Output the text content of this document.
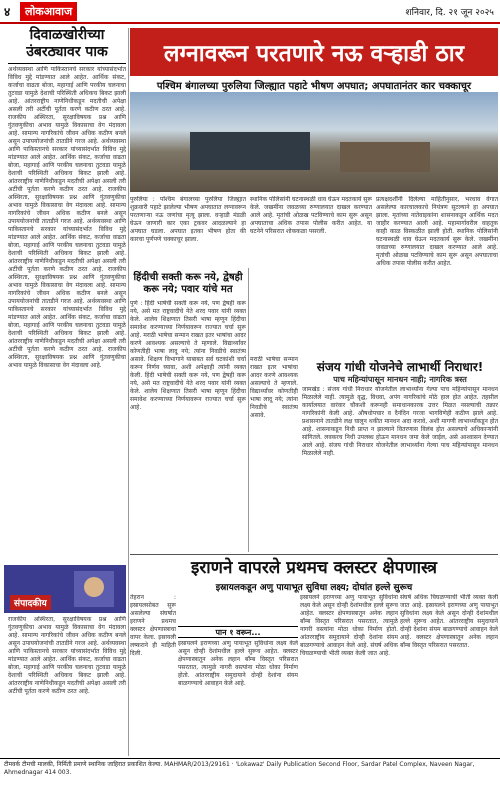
४	लोकआवाज	शनिवार, दि. २१ जून २०२५
दिवाळखोरीच्या उंबरठ्यावर पाक
अर्थव्यवस्था आणि पाकिस्तानचे सरकार यांच्यासंदर्भात विविध मुद्दे मांडण्यात आले आहेत. आर्थिक संकट, कर्जाचा वाढता बोजा, महागाई आणि परकीय चलनाचा तुटवडा यामुळे देशाची परिस्थिती अधिकच बिकट झाली आहे. आंतरराष्ट्रीय नाणेनिधीकडून मदतीची अपेक्षा असली तरी अटींची पूर्तता करणे कठीण ठरत आहे. राजकीय अस्थिरता, सुरक्षाविषयक प्रश्न आणि गुंतवणुकीचा अभाव यामुळे विकासाचा वेग मंदावला आहे. सामान्य नागरिकांचे जीवन अधिक कठीण बनले असून उपाययोजनांची तातडीने गरज आहे. अर्थव्यवस्था आणि पाकिस्तानचे सरकार यांच्यासंदर्भात विविध मुद्दे मांडण्यात आले आहेत. आर्थिक संकट, कर्जाचा वाढता बोजा, महागाई आणि परकीय चलनाचा तुटवडा यामुळे देशाची परिस्थिती अधिकच बिकट झाली आहे. आंतरराष्ट्रीय नाणेनिधीकडून मदतीची अपेक्षा असली तरी अटींची पूर्तता करणे कठीण ठरत आहे. राजकीय अस्थिरता, सुरक्षाविषयक प्रश्न आणि गुंतवणुकीचा अभाव यामुळे विकासाचा वेग मंदावला आहे. सामान्य नागरिकांचे जीवन अधिक कठीण बनले असून उपाययोजनांची तातडीने गरज आहे. अर्थव्यवस्था आणि पाकिस्तानचे सरकार यांच्यासंदर्भात विविध मुद्दे मांडण्यात आले आहेत. आर्थिक संकट, कर्जाचा वाढता बोजा, महागाई आणि परकीय चलनाचा तुटवडा यामुळे देशाची परिस्थिती अधिकच बिकट झाली आहे. आंतरराष्ट्रीय नाणेनिधीकडून मदतीची अपेक्षा असली तरी अटींची पूर्तता करणे कठीण ठरत आहे. राजकीय अस्थिरता, सुरक्षाविषयक प्रश्न आणि गुंतवणुकीचा अभाव यामुळे विकासाचा वेग मंदावला आहे. सामान्य नागरिकांचे जीवन अधिक कठीण बनले असून उपाययोजनांची तातडीने गरज आहे. अर्थव्यवस्था आणि पाकिस्तानचे सरकार यांच्यासंदर्भात विविध मुद्दे मांडण्यात आले आहेत. आर्थिक संकट, कर्जाचा वाढता बोजा, महागाई आणि परकीय चलनाचा तुटवडा यामुळे देशाची परिस्थिती अधिकच बिकट झाली आहे. आंतरराष्ट्रीय नाणेनिधीकडून मदतीची अपेक्षा असली तरी अटींची पूर्तता करणे कठीण ठरत आहे. राजकीय अस्थिरता, सुरक्षाविषयक प्रश्न आणि गुंतवणुकीचा अभाव यामुळे विकासाचा वेग मंदावला आहे.
संपादकीय
राजकीय अस्थिरता, सुरक्षाविषयक प्रश्न आणि गुंतवणुकीचा अभाव यामुळे विकासाचा वेग मंदावला आहे. सामान्य नागरिकांचे जीवन अधिक कठीण बनले असून उपाययोजनांची तातडीने गरज आहे. अर्थव्यवस्था आणि पाकिस्तानचे सरकार यांच्यासंदर्भात विविध मुद्दे मांडण्यात आले आहेत. आर्थिक संकट, कर्जाचा वाढता बोजा, महागाई आणि परकीय चलनाचा तुटवडा यामुळे देशाची परिस्थिती अधिकच बिकट झाली आहे. आंतरराष्ट्रीय नाणेनिधीकडून मदतीची अपेक्षा असली तरी अटींची पूर्तता करणे कठीण ठरत आहे.
लग्नावरून परतणारे नऊ वऱ्हाडी ठार
पश्चिम बंगालच्या पुरुलिया जिल्ह्यात पहाटे भीषण अपघात; अपघातानंतर कार चक्काचूर
पुरुलिया : पश्चिम बंगालच्या पुरुलिया जिल्ह्यात शुक्रवारी पहाटे झालेल्या भीषण अपघातात लग्नावरून परतणाऱ्या नऊ जणांचा मृत्यू झाला. वऱ्हाडी मंडळी घेऊन जाणारी कार एका ट्रकवर आदळल्याने हा अपघात घडला. अपघात इतका भीषण होता की कारचा पूर्णपणे चक्काचूर झाला.
स्थानिक पोलिसांनी घटनास्थळी धाव घेऊन मदतकार्य सुरू केले. जखमींना जवळच्या रुग्णालयात दाखल करण्यात आले आहे. मृतांची ओळख पटविण्याचे काम सुरू असून अपघाताचा अधिक तपास पोलीस करीत आहेत. या घटनेने परिसरात शोककळा पसरली.
प्रत्यक्षदर्शींनी दिलेल्या माहितीनुसार, भरधाव वेगात असलेल्या कारचालकाचे नियंत्रण सुटल्याने हा अपघात झाला. मृतांच्या नातेवाइकांना शासनाकडून आर्थिक मदत जाहीर करण्यात आली आहे. महामार्गावरील वाहतूक काही काळ विस्कळीत झाली होती. स्थानिक पोलिसांनी घटनास्थळी धाव घेऊन मदतकार्य सुरू केले. जखमींना जवळच्या रुग्णालयात दाखल करण्यात आले आहे. मृतांची ओळख पटविण्याचे काम सुरू असून अपघाताचा अधिक तपास पोलीस करीत आहेत.
हिंदीची सक्ती करू नये, द्वेषही करू नये; पवार यांचे मत
पुणे : हिंदी भाषेची सक्ती करू नये, पण द्वेषही करू नये, असे मत राष्ट्रवादीचे नेते शरद पवार यांनी व्यक्त केले. शालेय शिक्षणात तिसरी भाषा म्हणून हिंदीचा समावेश करण्याच्या निर्णयावरून राज्यात चर्चा सुरू आहे. मराठी भाषेचा सन्मान राखत इतर भाषांचा आदर करणे आवश्यक असल्याचे ते म्हणाले. विद्यार्थ्यांवर कोणतीही भाषा लादू नये; त्यांना निवडीचे स्वातंत्र्य असावे. शिक्षण विभागाने याबाबत सर्व घटकांशी चर्चा करून निर्णय घ्यावा, अशी अपेक्षाही त्यांनी व्यक्त केली. हिंदी भाषेची सक्ती करू नये, पण द्वेषही करू नये, असे मत राष्ट्रवादीचे नेते शरद पवार यांनी व्यक्त केले. शालेय शिक्षणात तिसरी भाषा म्हणून हिंदीचा समावेश करण्याच्या निर्णयावरून राज्यात चर्चा सुरू आहे.
मराठी भाषेचा सन्मान राखत इतर भाषांचा आदर करणे आवश्यक असल्याचे ते म्हणाले. विद्यार्थ्यांवर कोणतीही भाषा लादू नये; त्यांना निवडीचे स्वातंत्र्य असावे.
संजय गांधी योजनेचे लाभार्थी निराधार!
पाच महिन्यांपासून मानधन नाही; नागरिक त्रस्त
जामखेड : संजय गांधी निराधार योजनेतील लाभार्थ्यांना गेल्या पाच महिन्यांपासून मानधन मिळालेले नाही. त्यामुळे वृद्ध, विधवा, अपंग नागरिकांचे मोठे हाल होत आहेत. तहसील कार्यालयात वारंवार चौकशी करूनही समाधानकारक उत्तर मिळत नसल्याची तक्रार नागरिकांनी केली आहे. औषधोपचार व दैनंदिन गरजा भागविणेही कठीण झाले आहे. प्रशासनाने तातडीने लक्ष घालून थकीत मानधन अदा करावे, अशी मागणी लाभार्थ्यांकडून होत आहे. शासनाकडून निधी प्राप्त न झाल्याने वितरणास विलंब होत असल्याचे अधिकाऱ्यांनी सांगितले. लवकरच निधी उपलब्ध होऊन मानधन जमा केले जाईल, असे आश्वासन देण्यात आले आहे. संजय गांधी निराधार योजनेतील लाभार्थ्यांना गेल्या पाच महिन्यांपासून मानधन मिळालेले नाही.
इराणने वापरले प्रथमच क्लस्टर क्षेपणास्त्र
इस्रायलकडून अणु पायाभूत सुविधा लक्ष्य; दोघांत हल्ले सुरूच
पान १ वरून...
तेहरान : इस्रायलसोबत सुरू असलेल्या संघर्षात इराणने प्रथमच क्लस्टर क्षेपणास्त्राचा वापर केला. इस्रायली लष्कराने ही माहिती दिली.
इस्रायलने इराणच्या अणु पायाभूत सुविधांना लक्ष्य केले असून दोन्ही देशांमधील हल्ले सुरूच आहेत. क्लस्टर क्षेपणास्त्रातून अनेक लहान बॉम्ब विस्तृत परिसरात पसरतात, त्यामुळे नागरी वस्त्यांना मोठा धोका निर्माण होतो. आंतरराष्ट्रीय समुदायाने दोन्ही देशांना संयम बाळगण्याचे आवाहन केले आहे.
इस्रायलने इराणच्या अणु पायाभूत सुविधांना लक्ष्य केले असून दोन्ही देशांमधील हल्ले सुरूच आहेत. क्लस्टर क्षेपणास्त्रातून अनेक लहान बॉम्ब विस्तृत परिसरात पसरतात, त्यामुळे नागरी वस्त्यांना मोठा धोका निर्माण होतो. आंतरराष्ट्रीय समुदायाने दोन्ही देशांना संयम बाळगण्याचे आवाहन केले आहे. संघर्ष अधिक चिघळण्याची भीती व्यक्त केली जात आहे.
संघर्ष अधिक चिघळण्याची भीती व्यक्त केली जात आहे. इस्रायलने इराणच्या अणु पायाभूत सुविधांना लक्ष्य केले असून दोन्ही देशांमधील हल्ले सुरूच आहेत. आंतरराष्ट्रीय समुदायाने दोन्ही देशांना संयम बाळगण्याचे आवाहन केले आहे. क्लस्टर क्षेपणास्त्रातून अनेक लहान बॉम्ब विस्तृत परिसरात पसरतात.
टीमवर्क टीमची मालकी, निर्मिती प्रमाणे स्थानिक जाहिरात प्रकाशित केल्या. MAHMAR/2013/29161 · 'Lokawaz' Daily Publication Second Floor, Sardar Patel Complex, Naveen Nagar, Ahmednagar 414 003.
